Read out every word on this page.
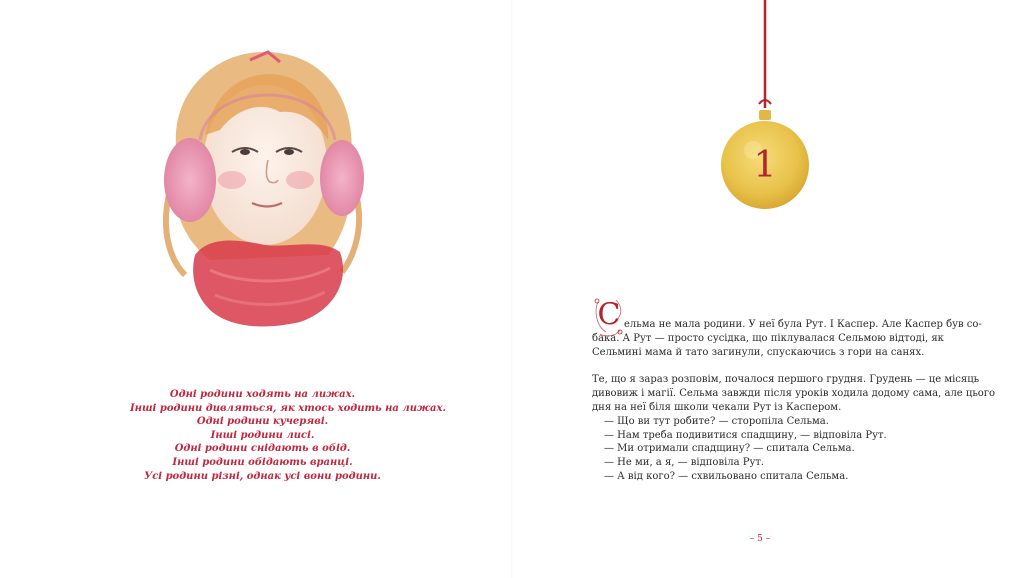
Одні родини ходять на лижах.
Інші родини дивляться, як хтось ходить на лижах.
Одні родини кучеряві.
Інші родини лисі.
Одні родини снідають в обід.
Інші родини обідають вранці.
Усі родини різні, однак усі вони родини.
1

С ельма не мала родини. У неї була Рут. І Каспер. Але Каспер був со-
бака. А Рут — просто сусідка, що піклувалася Сельмою відтоді, як
Сельмині мама й тато загинули, спускаючись з гори на санях.

Те, що я зараз розповім, почалося першого грудня. Грудень — це місяць
дивовиж і магії. Сельма завжди після уроків ходила додому сама, але цього
дня на неї біля школи чекали Рут із Каспером.

— Що ви тут робите? — сторопіла Сельма.
— Нам треба подивитися спадщину, — відповіла Рут.
— Ми отримали спадщину? — спитала Сельма.
— Не ми, а я, — відповіла Рут.
— А від кого? — схвильовано спитала Сельма.

– 5 –
